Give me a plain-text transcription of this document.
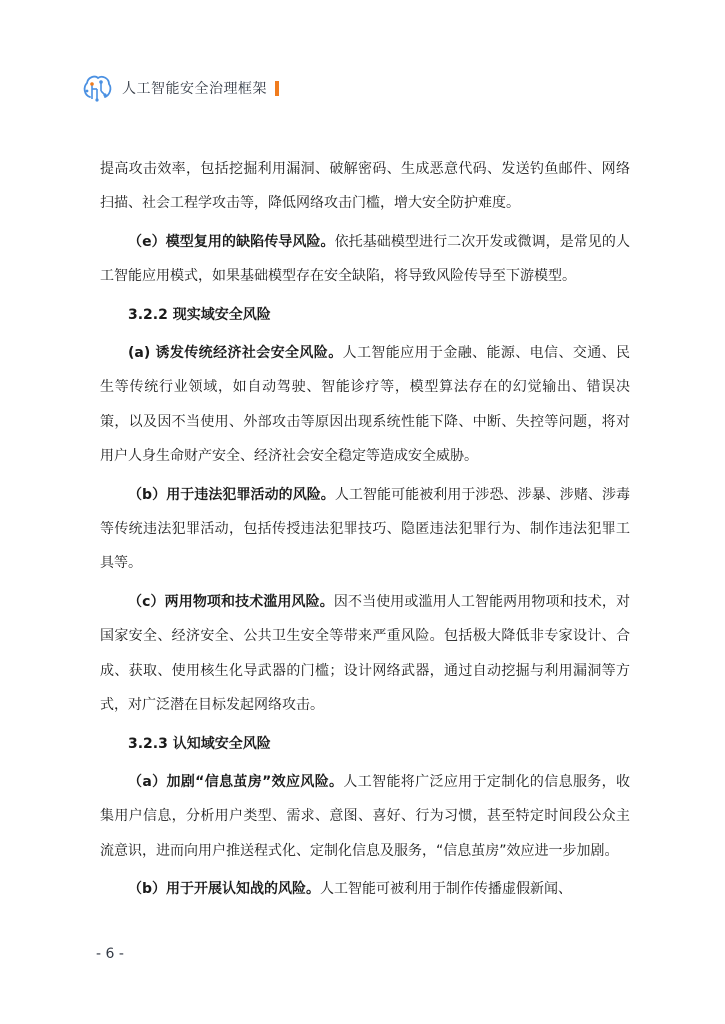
人工智能安全治理框架

提高攻击效率，包括挖掘利用漏洞、破解密码、生成恶意代码、发送钓鱼邮件、网络扫描、社会工程学攻击等，降低网络攻击门槛，增大安全防护难度。

（e）模型复用的缺陷传导风险。依托基础模型进行二次开发或微调，是常见的人工智能应用模式，如果基础模型存在安全缺陷，将导致风险传导至下游模型。

3.2.2 现实域安全风险

(a) 诱发传统经济社会安全风险。人工智能应用于金融、能源、电信、交通、民生等传统行业领域，如自动驾驶、智能诊疗等，模型算法存在的幻觉输出、错误决策，以及因不当使用、外部攻击等原因出现系统性能下降、中断、失控等问题，将对用户人身生命财产安全、经济社会安全稳定等造成安全威胁。

（b）用于违法犯罪活动的风险。人工智能可能被利用于涉恐、涉暴、涉赌、涉毒等传统违法犯罪活动，包括传授违法犯罪技巧、隐匿违法犯罪行为、制作违法犯罪工具等。

（c）两用物项和技术滥用风险。因不当使用或滥用人工智能两用物项和技术，对国家安全、经济安全、公共卫生安全等带来严重风险。包括极大降低非专家设计、合成、获取、使用核生化导武器的门槛；设计网络武器，通过自动挖掘与利用漏洞等方式，对广泛潜在目标发起网络攻击。

3.2.3 认知域安全风险

（a）加剧“信息茧房”效应风险。人工智能将广泛应用于定制化的信息服务，收集用户信息，分析用户类型、需求、意图、喜好、行为习惯，甚至特定时间段公众主流意识，进而向用户推送程式化、定制化信息及服务，“信息茧房”效应进一步加剧。

（b）用于开展认知战的风险。人工智能可被利用于制作传播虚假新闻、

- 6 -
